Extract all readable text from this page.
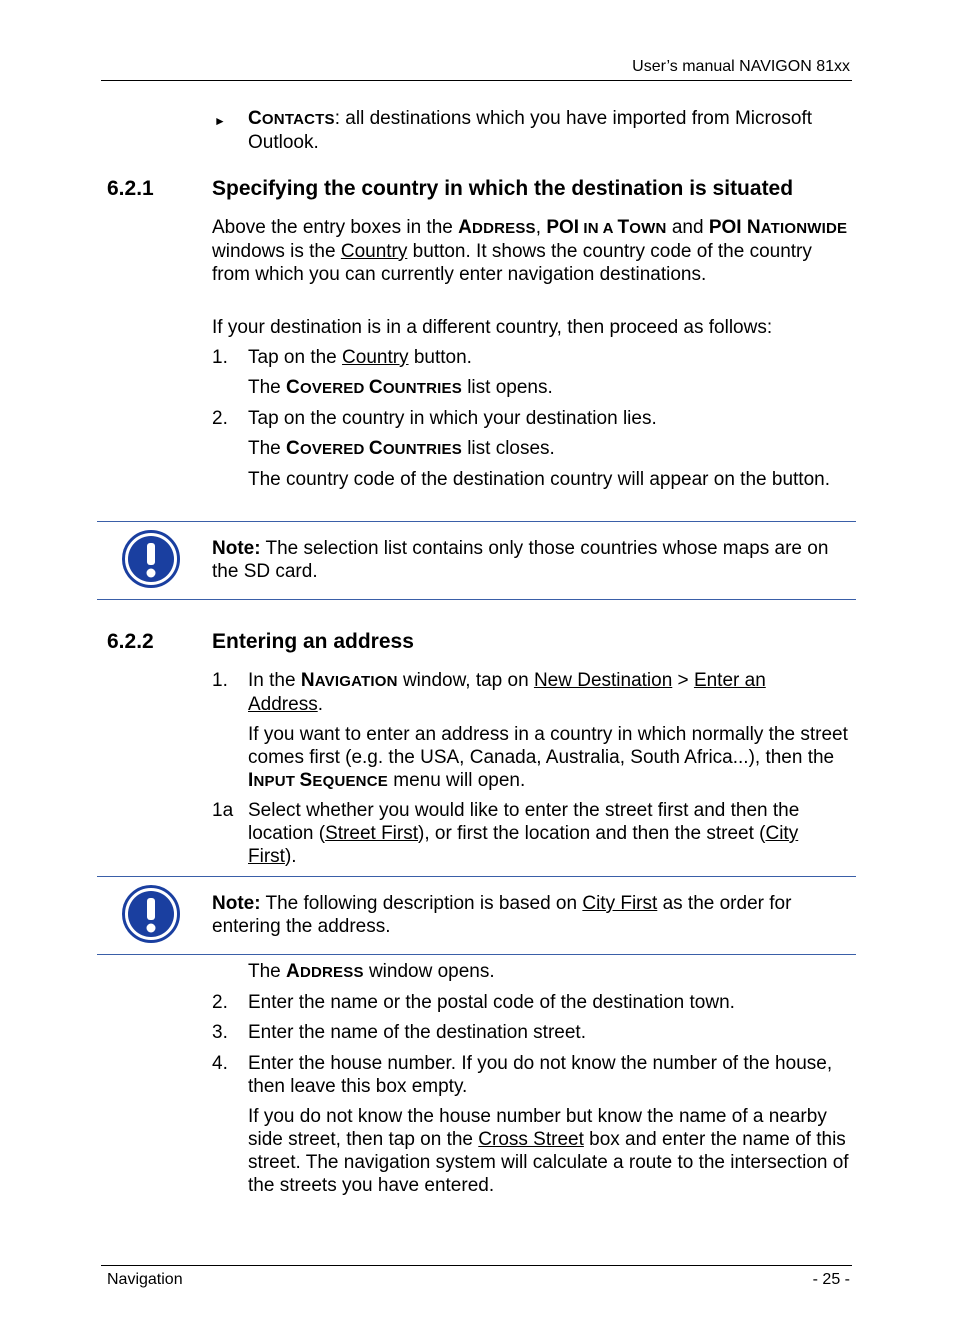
User’s manual NAVIGON 81xx
► CONTACTS: all destinations which you have imported from Microsoft Outlook.
6.2.1	Specifying the country in which the destination is situated
Above the entry boxes in the ADDRESS, POI IN A TOWN and POI NATIONWIDE windows is the Country button. It shows the country code of the country from which you can currently enter navigation destinations.
If your destination is in a different country, then proceed as follows:
1.	Tap on the Country button.
The COVERED COUNTRIES list opens.
2.	Tap on the country in which your destination lies.
The COVERED COUNTRIES list closes.
The country code of the destination country will appear on the button.
Note: The selection list contains only those countries whose maps are on the SD card.
6.2.2	Entering an address
1.	In the NAVIGATION window, tap on New Destination > Enter an
Address.
If you want to enter an address in a country in which normally the street comes first (e.g. the USA, Canada, Australia, South Africa...), then the INPUT SEQUENCE menu will open.
1a Select whether you would like to enter the street first and then the location (Street First), or first the location and then the street (City
First).
Note: The following description is based on City First as the order for entering the address.
The ADDRESS window opens.
2.	Enter the name or the postal code of the destination town.
3.	Enter the name of the destination street.
4.	Enter the house number. If you do not know the number of the house, then leave this box empty.
If you do not know the house number but know the name of a nearby side street, then tap on the Cross Street box and enter the name of this street. The navigation system will calculate a route to the intersection of the streets you have entered.
Navigation	- 25 -
